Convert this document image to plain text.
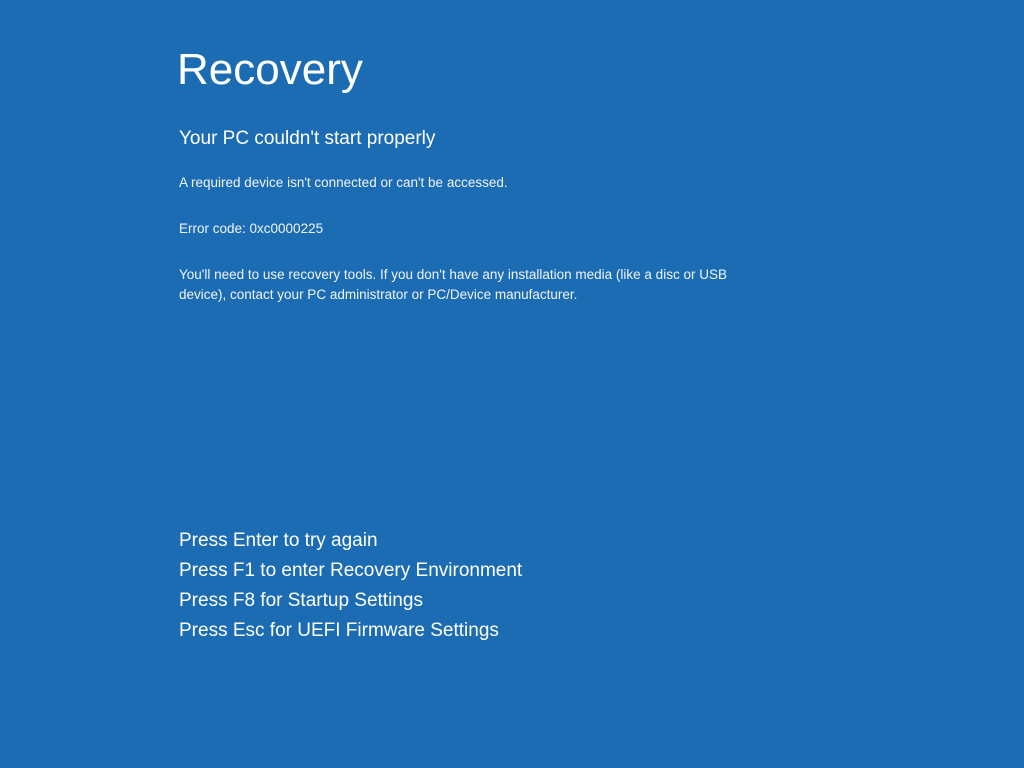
Recovery
Your PC couldn't start properly
A required device isn't connected or can't be accessed.
Error code: 0xc0000225
You'll need to use recovery tools. If you don't have any installation media (like a disc or USB device), contact your PC administrator or PC/Device manufacturer.
Press Enter to try again
Press F1 to enter Recovery Environment
Press F8 for Startup Settings
Press Esc for UEFI Firmware Settings
